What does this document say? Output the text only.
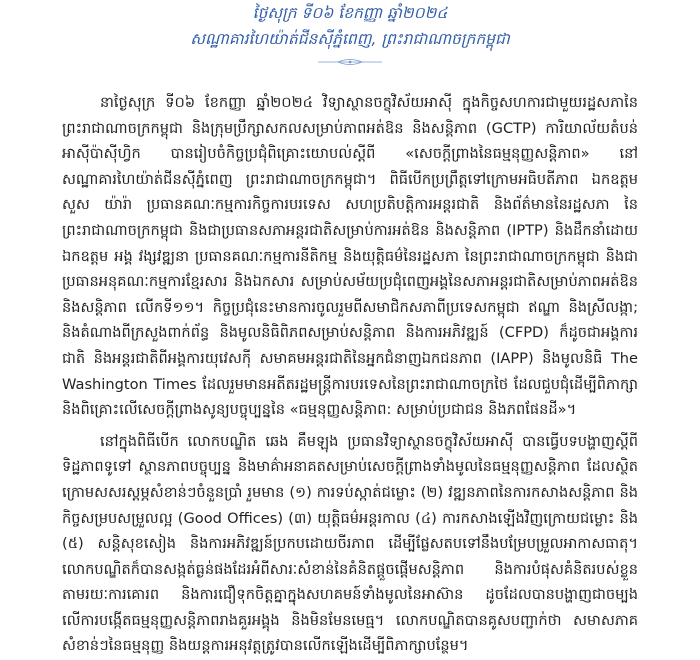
ថ្ងៃសុក្រ ទី០៦ ខែកញ្ញា ឆ្នាំ២០២៤
សណ្ឋាគារហៃយ៉ាត់ជីនសុីភ្នំពេញ, ព្រះរាជាណាចក្រកម្ពុជា

នាថ្ងៃសុក្រ ទី០៦ ខែកញ្ញា ឆ្នាំ២០២៤ វិទ្យាស្ថានចក្ខុវិស័យអាស៊ី ក្នុងកិច្ចសហការជាមួយរដ្ឋសភានៃព្រះរាជាណាចក្រកម្ពុជា និងក្រុមប្រឹក្សាសកលសម្រាប់ភាពអត់ឱន និងសន្តិភាព (GCTP) ការិយាល័យតំបន់អាស៊ីប៉ាស៊ីហ្វិក បានរៀបចំកិច្ចប្រជុំពិគ្រោះយោបល់ស្តីពី «សេចក្តីព្រាងនៃធម្មនុញ្ញសន្តិភាព» នៅសណ្ឋាគារហៃយ៉ាត់ជីនសុីភ្នំពេញ ព្រះរាជាណាចក្រកម្ពុជា។ ពិធីបើកប្រព្រឹត្តទៅក្រោមអធិបតីភាព ឯកឧត្តម សួស យ៉ារ៉ា ប្រធានគណៈកម្មការកិច្ចការបរទេស សហប្រតិបត្តិការអន្តរជាតិ និងព័ត៌មាននៃរដ្ឋសភា នៃព្រះរាជាណាចក្រកម្ពុជា និងជាប្រធានសភាអន្តរជាតិសម្រាប់ការអត់ឱន និងសន្តិភាព (IPTP) និងដឹកនាំដោយ ឯកឧត្តម អង្គ វង្សវឌ្ឍនា ប្រធានគណៈកម្មការនីតិកម្ម និងយុត្តិធម៌នៃរដ្ឋសភា នៃព្រះរាជាណាចក្រកម្ពុជា និងជាប្រធានអនុគណៈកម្មការខ្មែរសារ និងឯកសារ សម្រាប់សម័យប្រជុំពេញអង្គនៃសភាអន្តរជាតិសម្រាប់ភាពអត់ឱន និងសន្តិភាព លើកទី១១។ កិច្ចប្រជុំនេះមានការចូលរួមពីសមាជិកសភាពីប្រទេសកម្ពុជា ឥណ្ឌា និងស្រីលង្កា; និងតំណាងពីក្រសួងពាក់ព័ន្ធ និងមូលនិធិពិភពសម្រាប់សន្តិភាព និងការអភិវឌ្ឍន៍ (CFPD) ក៏ដូចជាអង្គការជាតិ និងអន្តរជាតិពីអង្គការយុវេសកុី សមាគមអន្តរជាតិនៃអ្នកជំនាញឯកជនភាព (IAPP) និងមូលនិធិ The Washington Times ដែលរួមមានអតីតរដ្ឋមន្ត្រីការបរទេសនៃព្រះរាជាណាចក្រថៃ ដែលជួបជុំដើម្បីពិភាក្សា និងពិគ្រោះលើសេចក្តីព្រាងសូន្យបច្ចុប្បន្ននៃ «ធម្មនុញ្ញសន្តិភាព: សម្រាប់ប្រជាជន និងភពផែនដី»។

នៅក្នុងពិធីបើក លោកបណ្ឌិត ឆេង គឹមឡុង ប្រធានវិទ្យាស្ថានចក្ខុវិស័យអាស៊ី បានធ្វើបទបង្ហាញស្តីពីទិដ្ឋភាពទូទៅ ស្ថានភាពបច្ចុប្បន្ន និងមាគ៌ាអនាគតសម្រាប់សេចក្តីព្រាងទាំងមូលនៃធម្មនុញ្ញសន្តិភាព ដែលស្ថិតក្រោមសសរស្តម្ភសំខាន់ៗចំនួនប្រាំ រួមមាន (១) ការទប់ស្កាត់ជម្លោះ (២) វឌ្ឍនភាពនៃការកសាងសន្តិភាព និងកិច្ចសម្របសម្រួលល្អ (Good Offices) (៣) យុត្តិធម៌អន្តរកាល (៤) ការកសាងឡើងវិញក្រោយជម្លោះ និង (៥) សន្តិសុខសៀង និងការអភិវឌ្ឍន៍ប្រកបដោយចីរភាព ដើម្បីផ្លែសតបទៅនឹងបម្រែបម្រួលអាកាសធាតុ។ លោកបណ្ឌិតក៏បានសង្កត់ធ្ងន់ផងដែរអំពីសារៈសំខាន់នៃគំនិតផ្តួចផ្តើមសន្តិភាព និងការបំផុសគំនិតរបស់ខ្លួន តាមរយៈការគោរព និងការជឿទុកចិត្តគ្នាក្នុងសហគមន៍ទាំងមូលនៃអាស៊ាន ដូចដែលបានបង្ហាញជាចម្បងលើការបង្កើតធម្មនុញ្ញសន្តិភាពរាងគួរអង្គុង និងមិនមែនមេធ្ម។ លោកបណ្ឌិតបានគូសបញ្ជាក់ថា សមាសភាគសំខាន់ៗនៃធម្មនុញ្ញ និងយន្តការអនុវត្តត្រូវបានលើកឡើងដើម្បីពិភាក្សាបន្ថែម។
